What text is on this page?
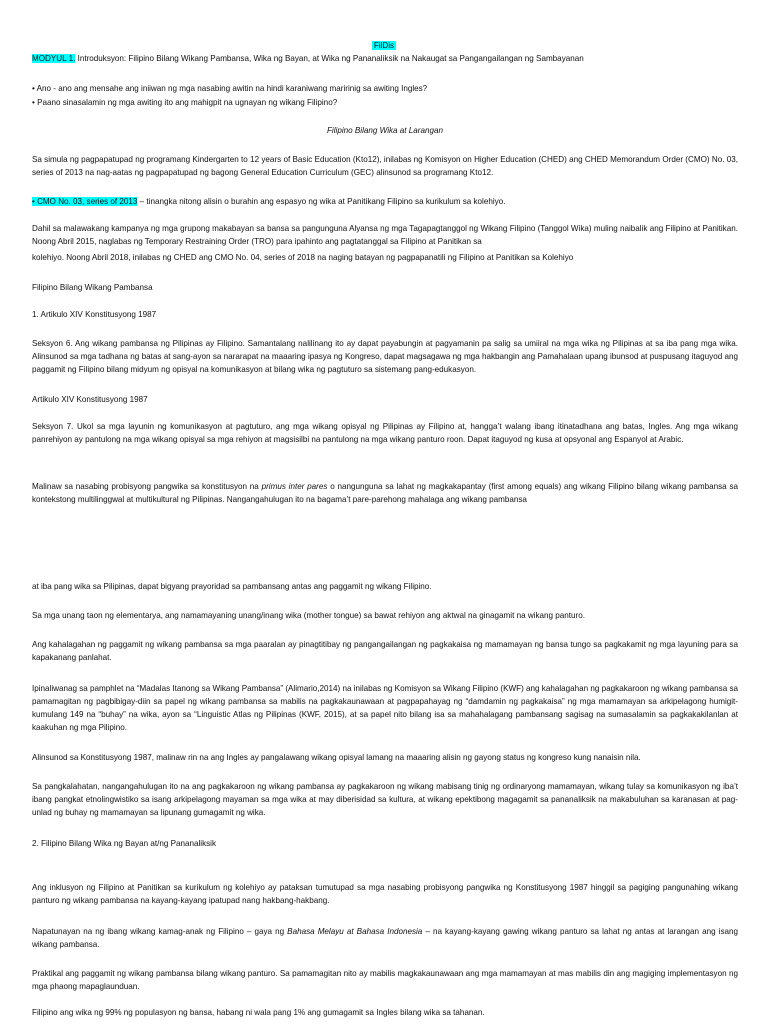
FilDis

MODYUL 1. Introduksyon: Filipino Bilang Wikang Pambansa, Wika ng Bayan, at Wika ng Pananaliksik na Nakaugat sa Pangangailangan ng Sambayanan

• Ano - ano ang mensahe ang iniiwan ng mga nasabing awitin na hindi karaniwang maririnig sa awiting Ingles?

• Paano sinasalamin ng mga awiting ito ang mahigpit na ugnayan ng wikang Filipino?

Filipino Bilang Wika at Larangan

Sa simula ng pagpapatupad ng programang Kindergarten to 12 years of Basic Education (Kto12), inilabas ng Komisyon on Higher Education (CHED) ang CHED Memorandum Order (CMO) No. 03, series of 2013 na nag-aatas ng pagpapatupad ng bagong General Education Curriculum (GEC) alinsunod sa programang Kto12.

• CMO No. 03, series of 2013 – tinangka nitong alisin o burahin ang espasyo ng wika at Panitikang Filipino sa kurikulum sa kolehiyo.

Dahil sa malawakang kampanya ng mga grupong makabayan sa bansa sa pangunguna Alyansa ng mga Tagapagtanggol ng Wikang Filipino (Tanggol Wika) muling naibalik ang Filipino at Panitikan. Noong Abril 2015, naglabas ng Temporary Restraining Order (TRO) para ipahinto ang pagtatanggal sa Filipino at Panitikan sa

kolehiyo. Noong Abril 2018, inilabas ng CHED ang CMO No. 04, series of 2018 na naging batayan ng pagpapanatili ng Filipino at Panitikan sa Kolehiyo

Filipino Bilang Wikang Pambansa

1. Artikulo XIV Konstitusyong 1987

Seksyon 6. Ang wikang pambansa ng Pilipinas ay Filipino. Samantalang nalilinang ito ay dapat payabungin at pagyamanin pa salig sa umiiral na mga wika ng Pilipinas at sa iba pang mga wika. Alinsunod sa mga tadhana ng batas at sang-ayon sa nararapat na maaaring ipasya ng Kongreso, dapat magsagawa ng mga hakbangin ang Pamahalaan upang ibunsod at puspusang itaguyod ang paggamit ng Filipino bilang midyum ng opisyal na komunikasyon at bilang wika ng pagtuturo sa sistemang pang-edukasyon.

Artikulo XIV Konstitusyong 1987

Seksyon 7. Ukol sa mga layunin ng komunikasyon at pagtuturo, ang mga wikang opisyal ng Pilipinas ay Filipino at, hangga’t walang ibang itinatadhana ang batas, Ingles. Ang mga wikang panrehiyon ay pantulong na mga wikang opisyal sa mga rehiyon at magsisilbi na pantulong na mga wikang panturo roon. Dapat itaguyod ng kusa at opsyonal ang Espanyol at Arabic.

Malinaw sa nasabing probisyong pangwika sa konstitusyon na primus inter pares o nangunguna sa lahat ng magkakapantay (first among equals) ang wikang Filipino bilang wikang pambansa sa kontekstong multilinggwal at multikultural ng Pilipinas. Nangangahulugan ito na bagama’t pare-parehong mahalaga ang wikang pambansa

at iba pang wika sa Pilipinas, dapat bigyang prayoridad sa pambansang antas ang paggamit ng wikang Filipino.

Sa mga unang taon ng elementarya, ang namamayaning unang/inang wika (mother tongue) sa bawat rehiyon ang aktwal na ginagamit na wikang panturo.

Ang kahalagahan ng paggamit ng wikang pambansa sa mga paaralan ay pinagtitibay ng pangangailangan ng pagkakaisa ng mamamayan ng bansa tungo sa pagkakamit ng mga layuning para sa kapakanang panlahat.

Ipinaliwanag sa pamphlet na “Madalas Itanong sa Wikang Pambansa” (Alimario,2014) na inilabas ng Komisyon sa Wikang Filipino (KWF) ang kahalagahan ng pagkakaroon ng wikang pambansa sa pamamagitan ng pagbibigay-diin sa papel ng wikang pambansa sa mabilis na pagkakaunawaan at pagpapahayag ng “damdamin ng pagkakaisa” ng mga mamamayan sa arkipelagong humigit-kumulang 149 na “buhay” na wika, ayon sa “Linguistic Atlas ng Pilipinas (KWF, 2015), at sa papel nito bilang isa sa mahahalagang pambansang sagisag na sumasalamin sa pagkakakilanlan at kaakuhan ng mga Pilipino.

Alinsunod sa Konstitusyong 1987, malinaw rin na ang Ingles ay pangalawang wikang opisyal lamang na maaaring alisin ng gayong status ng kongreso kung nanaisin nila.

Sa pangkalahatan, nangangahulugan ito na ang pagkakaroon ng wikang pambansa ay pagkakaroon ng wikang mabisang tinig ng ordinaryong mamamayan, wikang tulay sa komunikasyon ng iba’t ibang pangkat etnolingwistiko sa isang arkipelagong mayaman sa mga wika at may diberisidad sa kultura, at wikang epektibong magagamit sa pananaliksik na makabuluhan sa karanasan at pag-unlad ng buhay ng mamamayan sa lipunang gumagamit ng wika.

2. Filipino Bilang Wika ng Bayan at/ng Pananaliksik

Ang inklusyon ng Filipino at Panitikan sa kurikulum ng kolehiyo ay pataksan tumutupad sa mga nasabing probisyong pangwika ng Konstitusyong 1987 hinggil sa pagiging pangunahing wikang panturo ng wikang pambansa na kayang-kayang ipatupad nang hakbang-hakbang.

Napatunayan na ng ibang wikang kamag-anak ng Filipino – gaya ng Bahasa Melayu at Bahasa Indonesia – na kayang-kayang gawing wikang panturo sa lahat ng antas at larangan ang isang wikang pambansa.

Praktikal ang paggamit ng wikang pambansa bilang wikang panturo. Sa pamamagitan nito ay mabilis magkakaunawaan ang mga mamamayan at mas mabilis din ang magiging implementasyon ng mga phaong mapaglaunduan.

Filipino ang wika ng 99% ng populasyon ng bansa, habang ni wala pang 1% ang gumagamit sa Ingles bilang wika sa tahanan.
